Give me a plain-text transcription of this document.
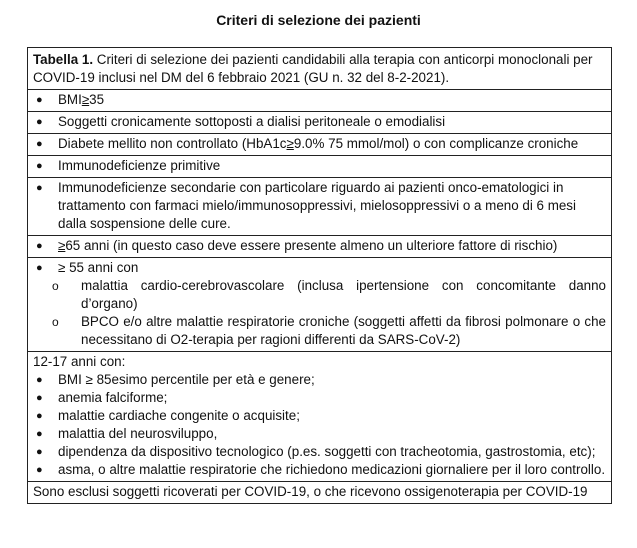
Criteri di selezione dei pazienti
Tabella 1. Criteri di selezione dei pazienti candidabili alla terapia con anticorpi monoclonali per COVID-19 inclusi nel DM del 6 febbraio 2021 (GU n. 32 del 8-2-2021).

● BMI≥35

● Soggetti cronicamente sottoposti a dialisi peritoneale o emodialisi

● Diabete mellito non controllato (HbA1c≥9.0% 75 mmol/mol) o con complicanze croniche

● Immunodeficienze primitive

● Immunodeficienze secondarie con particolare riguardo ai pazienti onco-ematologici in trattamento con farmaci mielo/immunosoppressivi, mielosoppressivi o a meno di 6 mesi dalla sospensione delle cure.

● ≥65 anni (in questo caso deve essere presente almeno un ulteriore fattore di rischio)

● ≥ 55 anni con
o malattia cardio-cerebrovascolare (inclusa ipertensione con concomitante danno d’organo)
o BPCO e/o altre malattie respiratorie croniche (soggetti affetti da fibrosi polmonare o che necessitano di O2-terapia per ragioni differenti da SARS-CoV-2)

12-17 anni con:
● BMI ≥ 85esimo percentile per età e genere;
● anemia falciforme;
● malattie cardiache congenite o acquisite;
● malattia del neurosviluppo,
● dipendenza da dispositivo tecnologico (p.es. soggetti con tracheotomia, gastrostomia, etc);
● asma, o altre malattie respiratorie che richiedono medicazioni giornaliere per il loro controllo.

Sono esclusi soggetti ricoverati per COVID-19, o che ricevono ossigenoterapia per COVID-19
